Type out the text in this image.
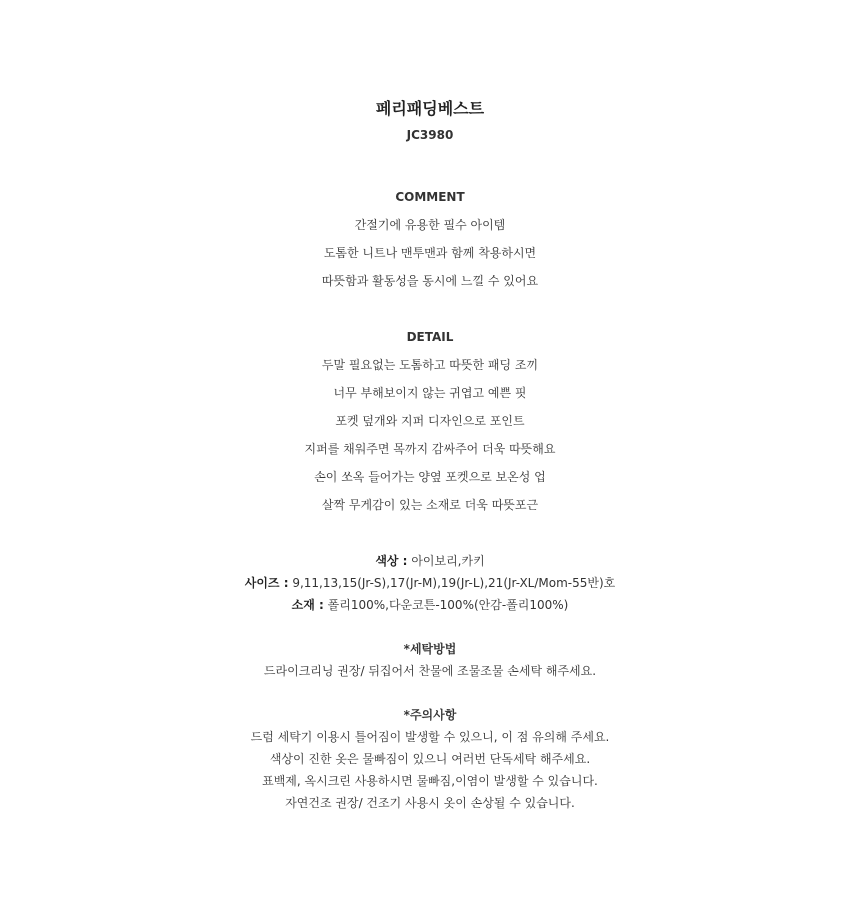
페리패딩베스트
JC3980
COMMENT
간절기에 유용한 필수 아이템
도톰한 니트나 맨투맨과 함께 착용하시면
따뜻함과 활동성을 동시에 느낄 수 있어요
DETAIL
두말 필요없는 도톰하고 따뜻한 패딩 조끼
너무 부해보이지 않는 귀엽고 예쁜 핏
포켓 덮개와 지퍼 디자인으로 포인트
지퍼를 채워주면 목까지 감싸주어 더욱 따뜻해요
손이 쏘옥 들어가는 양옆 포켓으로 보온성 업
살짝 무게감이 있는 소재로 더욱 따뜻포근
색상 : 아이보리,카키
사이즈 : 9,11,13,15(Jr-S),17(Jr-M),19(Jr-L),21(Jr-XL/Mom-55반)호
소재 : 폴리100%,다운코튼-100%(안감-폴리100%)
*세탁방법
드라이크리닝 권장/ 뒤집어서 찬물에 조물조물 손세탁 해주세요.
*주의사항
드럼 세탁기 이용시 틀어짐이 발생할 수 있으니, 이 점 유의해 주세요.
색상이 진한 옷은 물빠짐이 있으니 여러번 단독세탁 해주세요.
표백제, 옥시크린 사용하시면 물빠짐,이염이 발생할 수 있습니다.
자연건조 권장/ 건조기 사용시 옷이 손상될 수 있습니다.
